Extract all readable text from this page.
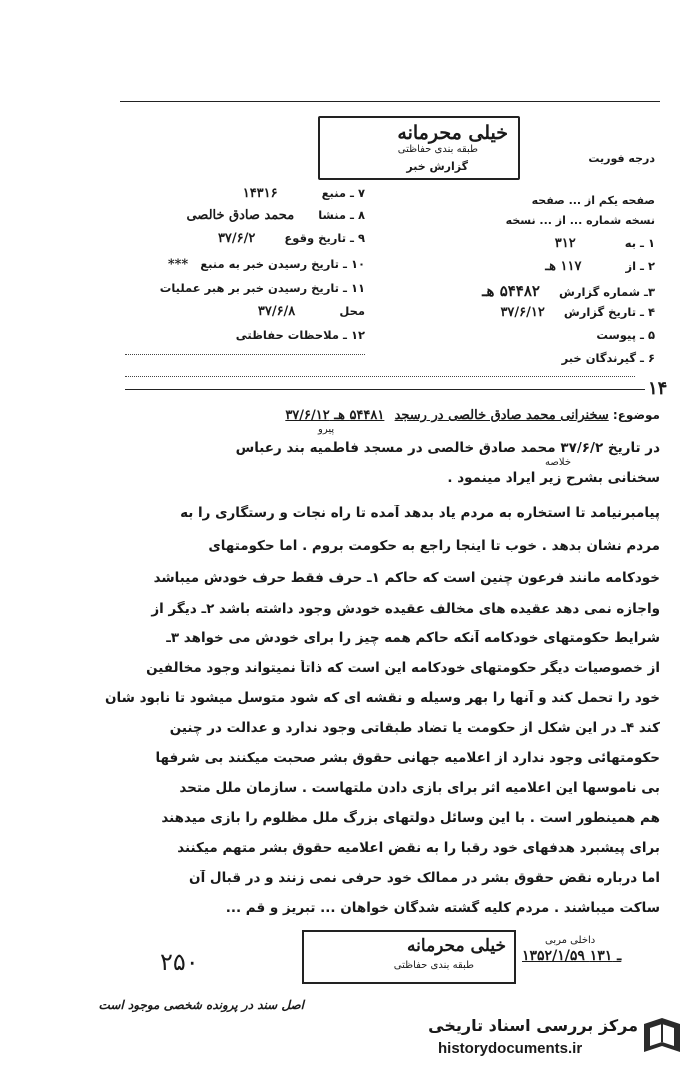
خیلی محرمانه
طبقه بندی حفاظتی
گزارش خبر
درجه فوریت
صفحه یکم از ... صفحه
نسخه شماره ... از ... نسخه
۱ ـ به ۳۱۲
۲ ـ از ۱۱۷ هـ
۳ـ شماره گزارش ۵۴۴۸۲ هـ
۴ ـ تاریخ گزارش ۳۷/۶/۱۲
۵ ـ پیوست
۶ ـ گیرندگان خبر
۷ ـ منبع ۱۴۳۱۶
۸ ـ منشا محمد صادق خالصی
۹ ـ تاریخ وقوع ۳۷/۶/۲
۱۰ ـ تاریخ رسیدن خبر به منبع ***
۱۱ ـ تاریخ رسیدن خبر بر هبر عملیات
محل ۳۷/۶/۸
۱۲ ـ ملاحظات حفاظتی
۱۴
موضوع: سخنرانی محمد صادق خالصی در رسجد ۵۴۴۸۱ هـ ۳۷/۶/۱۲
پیرو
خلاصه
در تاریخ ۳۷/۶/۲ محمد صادق خالصی در مسجد فاطمیه بند رعباس
سخنانی بشرح زیر ایراد مینمود .
پیامبرنیامد تا استخاره به مردم یاد بدهد آمده تا راه نجات و رستگاری را به
مردم نشان بدهد . خوب تا اینجا راجع به حکومت بروم . اما حکومتهای
خودکامه مانند فرعون چنین است که حاکم ۱ـ حرف فقط حرف خودش میباشد
واجازه نمی دهد عقیده های مخالف عقیده خودش وجود داشته باشد ۲ـ دیگر از
شرایط حکومتهای خودکامه آنکه حاکم همه چیز را برای خودش می خواهد ۳ـ
از خصوصیات دیگر حکومتهای خودکامه این است که ذاتاً نمیتواند وجود مخالفین
خود را تحمل کند و آنها را بهر وسیله و نقشه ای که شود متوسل میشود تا نابود شان
کند ۴ـ در این شکل از حکومت یا تضاد طبقاتی وجود ندارد و عدالت در چنین
حکومتهائی وجود ندارد از اعلامیه جهانی حقوق بشر صحبت میکنند بی شرفها
بی ناموسها این اعلامیه اثر برای بازی دادن ملتهاست . سازمان ملل متحد
هم همینطور است . با این وسائل دولتهای بزرگ ملل مظلوم را بازی میدهند
برای پیشبرد هدفهای خود رقبا را به نقض اعلامیه حقوق بشر متهم میکنند
اما درباره نقض حقوق بشر در ممالک خود حرفی نمی زنند و در قبال آن
ساکت میباشند . مردم کلیه گشته شدگان خواهان ... تبریز و قم ...
خیلی محرمانه
طبقه بندی حفاظتی
داخلی مربی
۱۳۵۲/۱/۵۹ ـ ۱۳۱
۲۵۰
اصل سند در پرونده شخصی موجود است
مرکز بررسی اسناد تاریخی
historydocuments.ir
